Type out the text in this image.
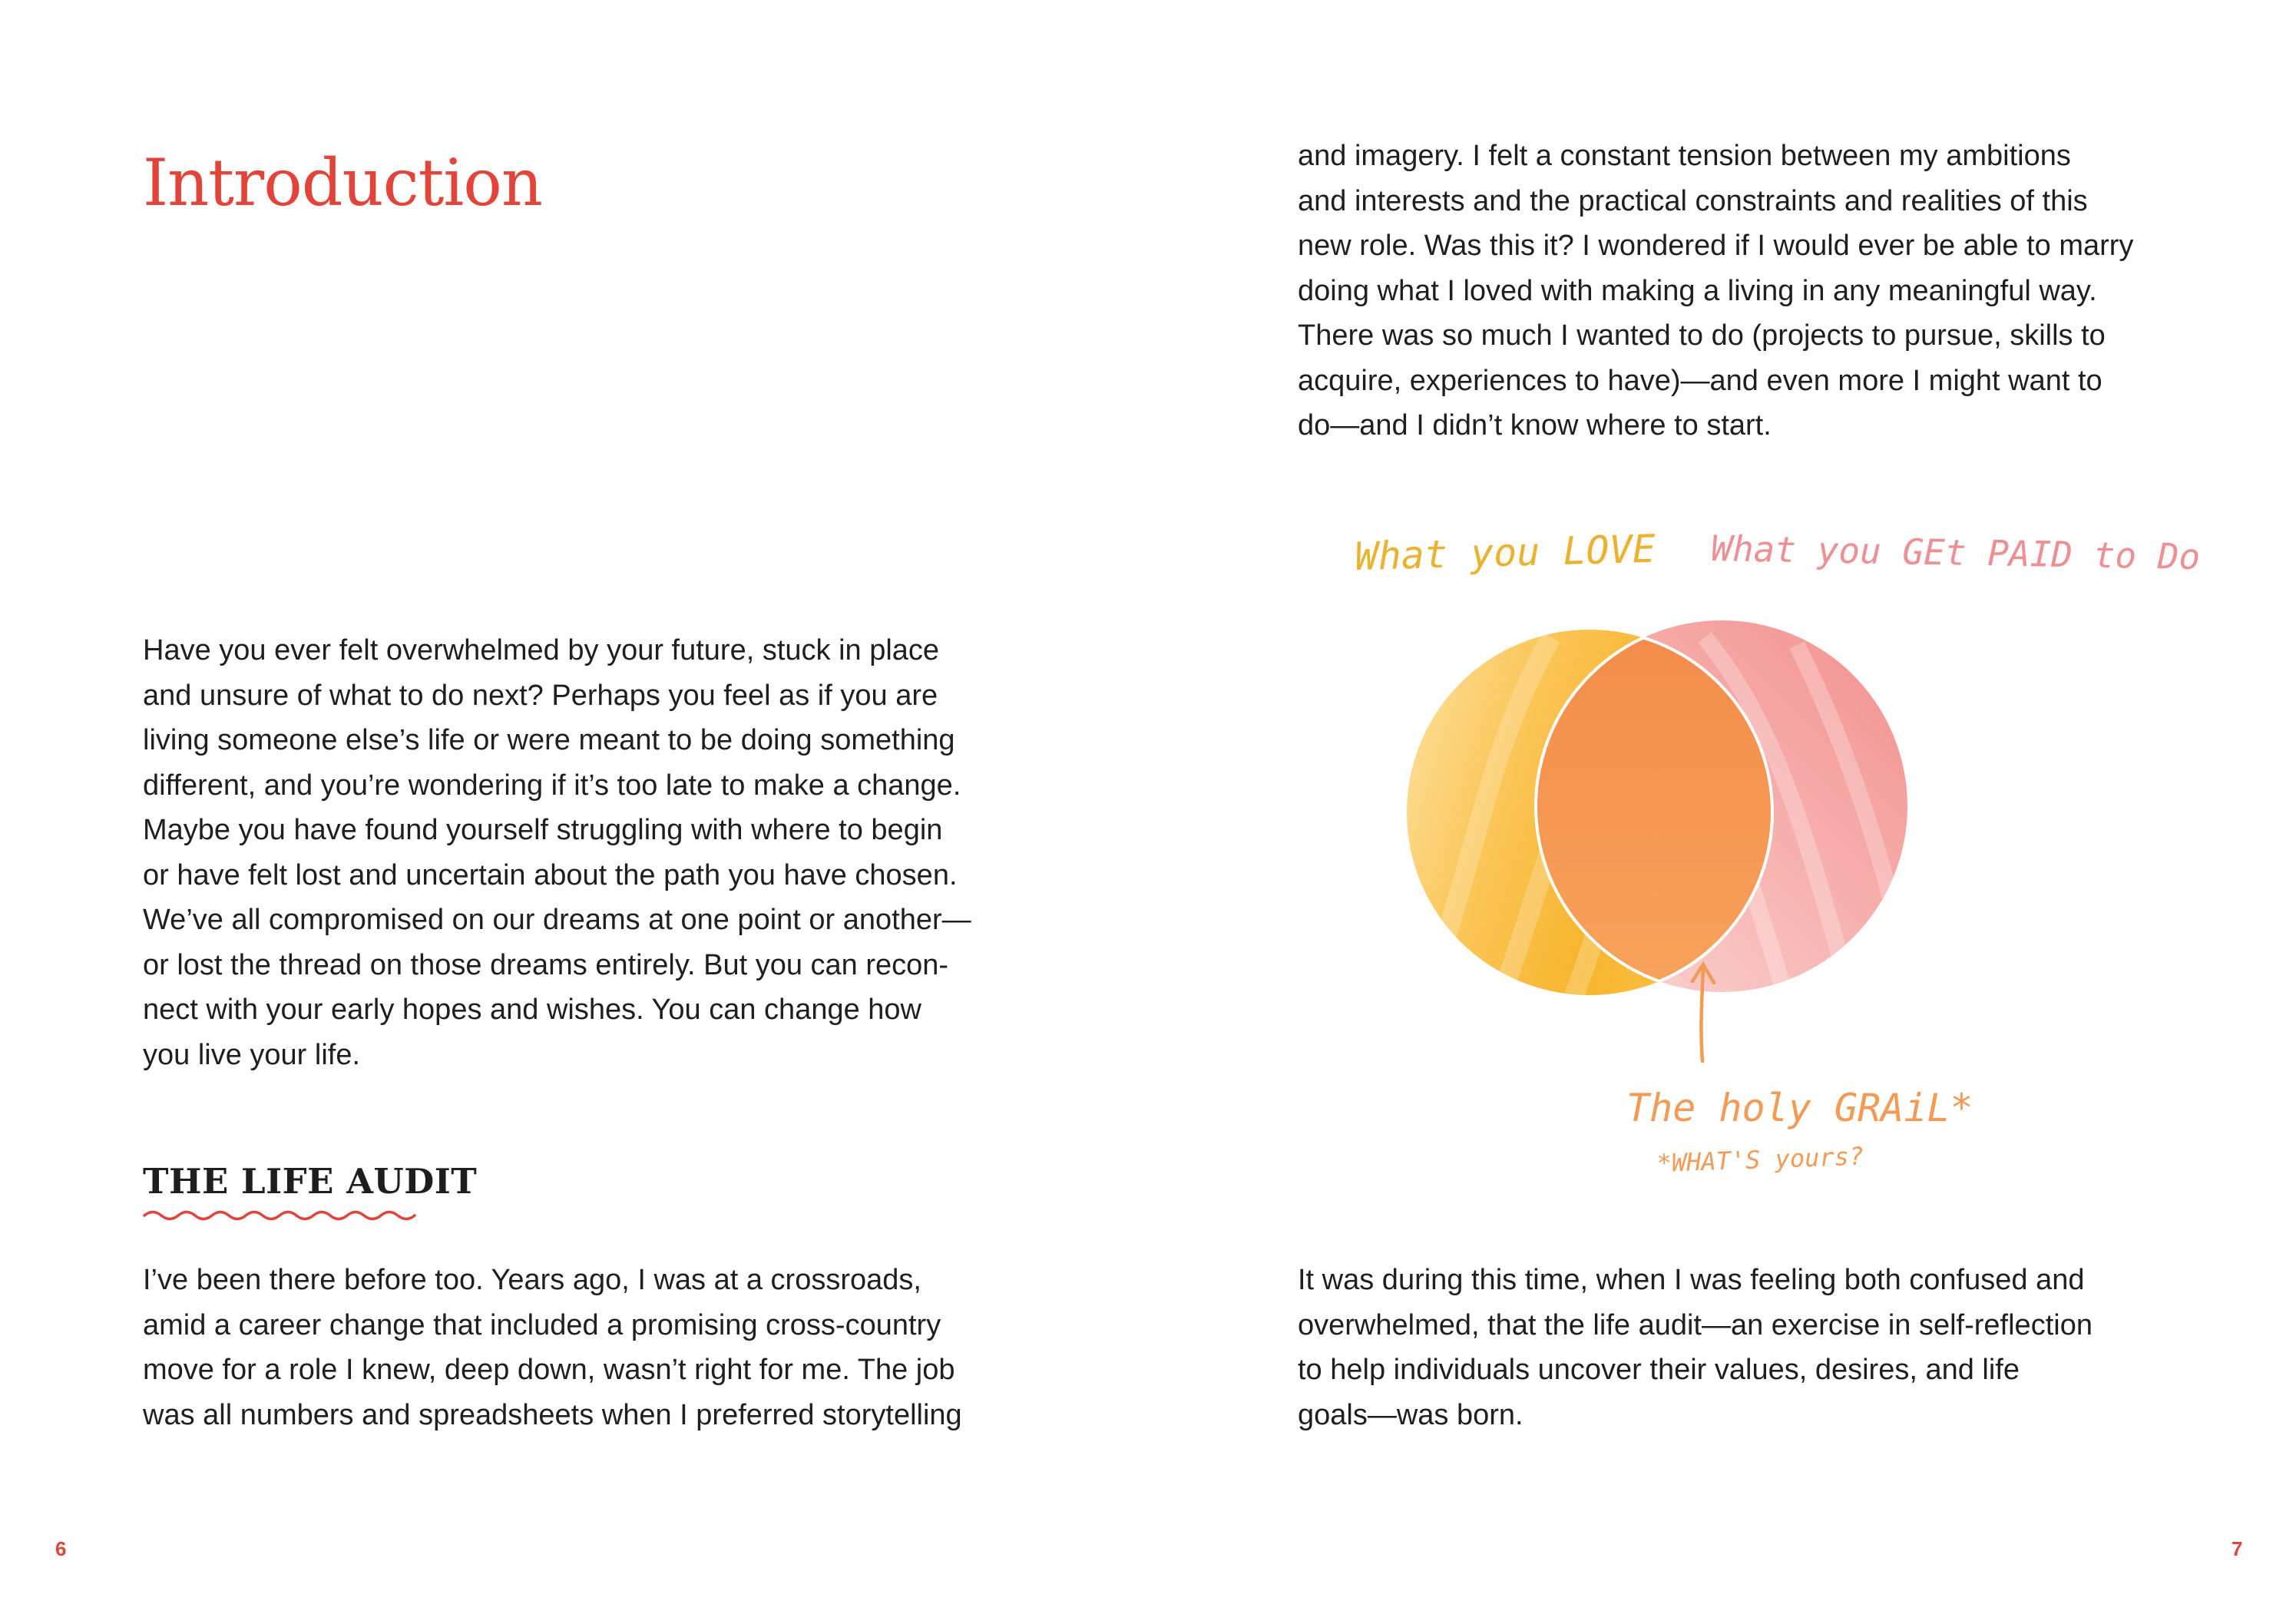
Introduction
Have you ever felt overwhelmed by your future, stuck in place
and unsure of what to do next? Perhaps you feel as if you are
living someone else’s life or were meant to be doing something
different, and you’re wondering if it’s too late to make a change.
Maybe you have found yourself struggling with where to begin
or have felt lost and uncertain about the path you have chosen.
We’ve all compromised on our dreams at one point or another—
or lost the thread on those dreams entirely. But you can recon-
nect with your early hopes and wishes. You can change how
you live your life.
THE LIFE AUDIT
I’ve been there before too. Years ago, I was at a crossroads,
amid a career change that included a promising cross-country
move for a role I knew, deep down, wasn’t right for me. The job
was all numbers and spreadsheets when I preferred storytelling
6
and imagery. I felt a constant tension between my ambitions
and interests and the practical constraints and realities of this
new role. Was this it? I wondered if I would ever be able to marry
doing what I loved with making a living in any meaningful way.
There was so much I wanted to do (projects to pursue, skills to
acquire, experiences to have)—and even more I might want to
do—and I didn’t know where to start.
What you LOVE What you GEt PAID to Do
The holy GRAiL*
*WHAT'S yours?
It was during this time, when I was feeling both confused and
overwhelmed, that the life audit—an exercise in self-reflection
to help individuals uncover their values, desires, and life
goals—was born.
7
